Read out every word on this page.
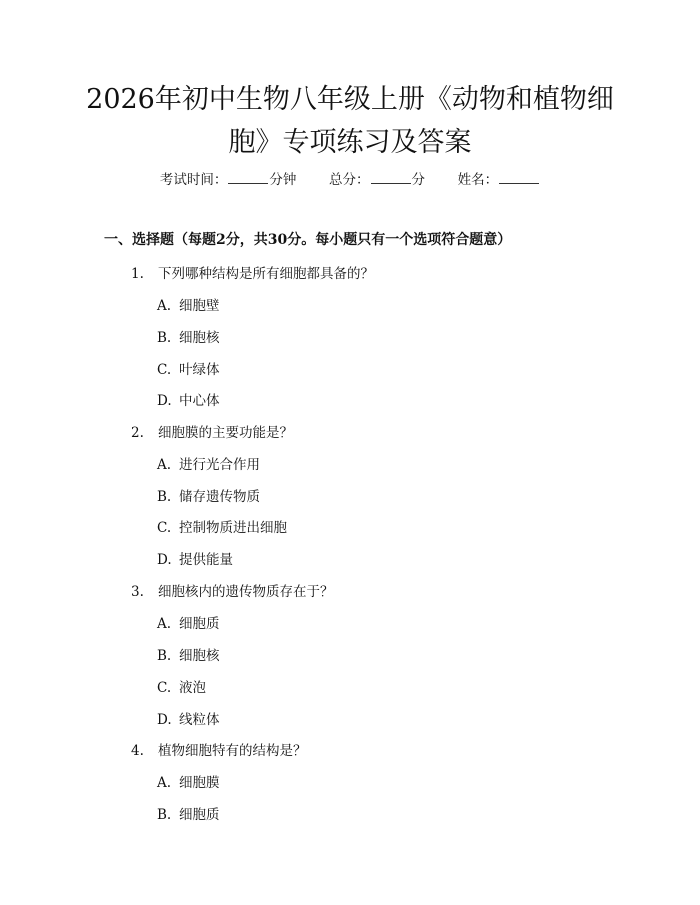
2026年初中生物八年级上册《动物和植物细
胞》专项练习及答案
考试时间：	分钟 总分：	分 姓名：
一、选择题（每题2分，共30分。每小题只有一个选项符合题意）
1. 下列哪种结构是所有细胞都具备的？
A. 细胞壁
B. 细胞核
C. 叶绿体
D. 中心体
2. 细胞膜的主要功能是？
A. 进行光合作用
B. 储存遗传物质
C. 控制物质进出细胞
D. 提供能量
3. 细胞核内的遗传物质存在于？
A. 细胞质
B. 细胞核
C. 液泡
D. 线粒体
4. 植物细胞特有的结构是？
A. 细胞膜
B. 细胞质
